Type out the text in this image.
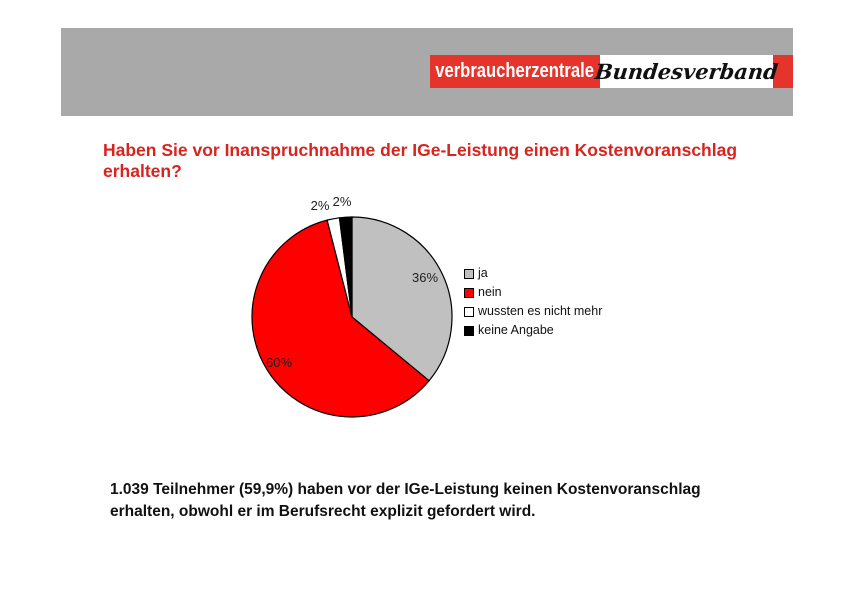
verbraucherzentrale Bundesverband
Haben Sie vor Inanspruchnahme der IGe-Leistung einen Kostenvoranschlag
erhalten?
36%
60%
2% 2%
ja
nein
wussten es nicht mehr
keine Angabe

1.039 Teilnehmer (59,9%) haben vor der IGe-Leistung keinen Kostenvoranschlag
erhalten, obwohl er im Berufsrecht explizit gefordert wird.
